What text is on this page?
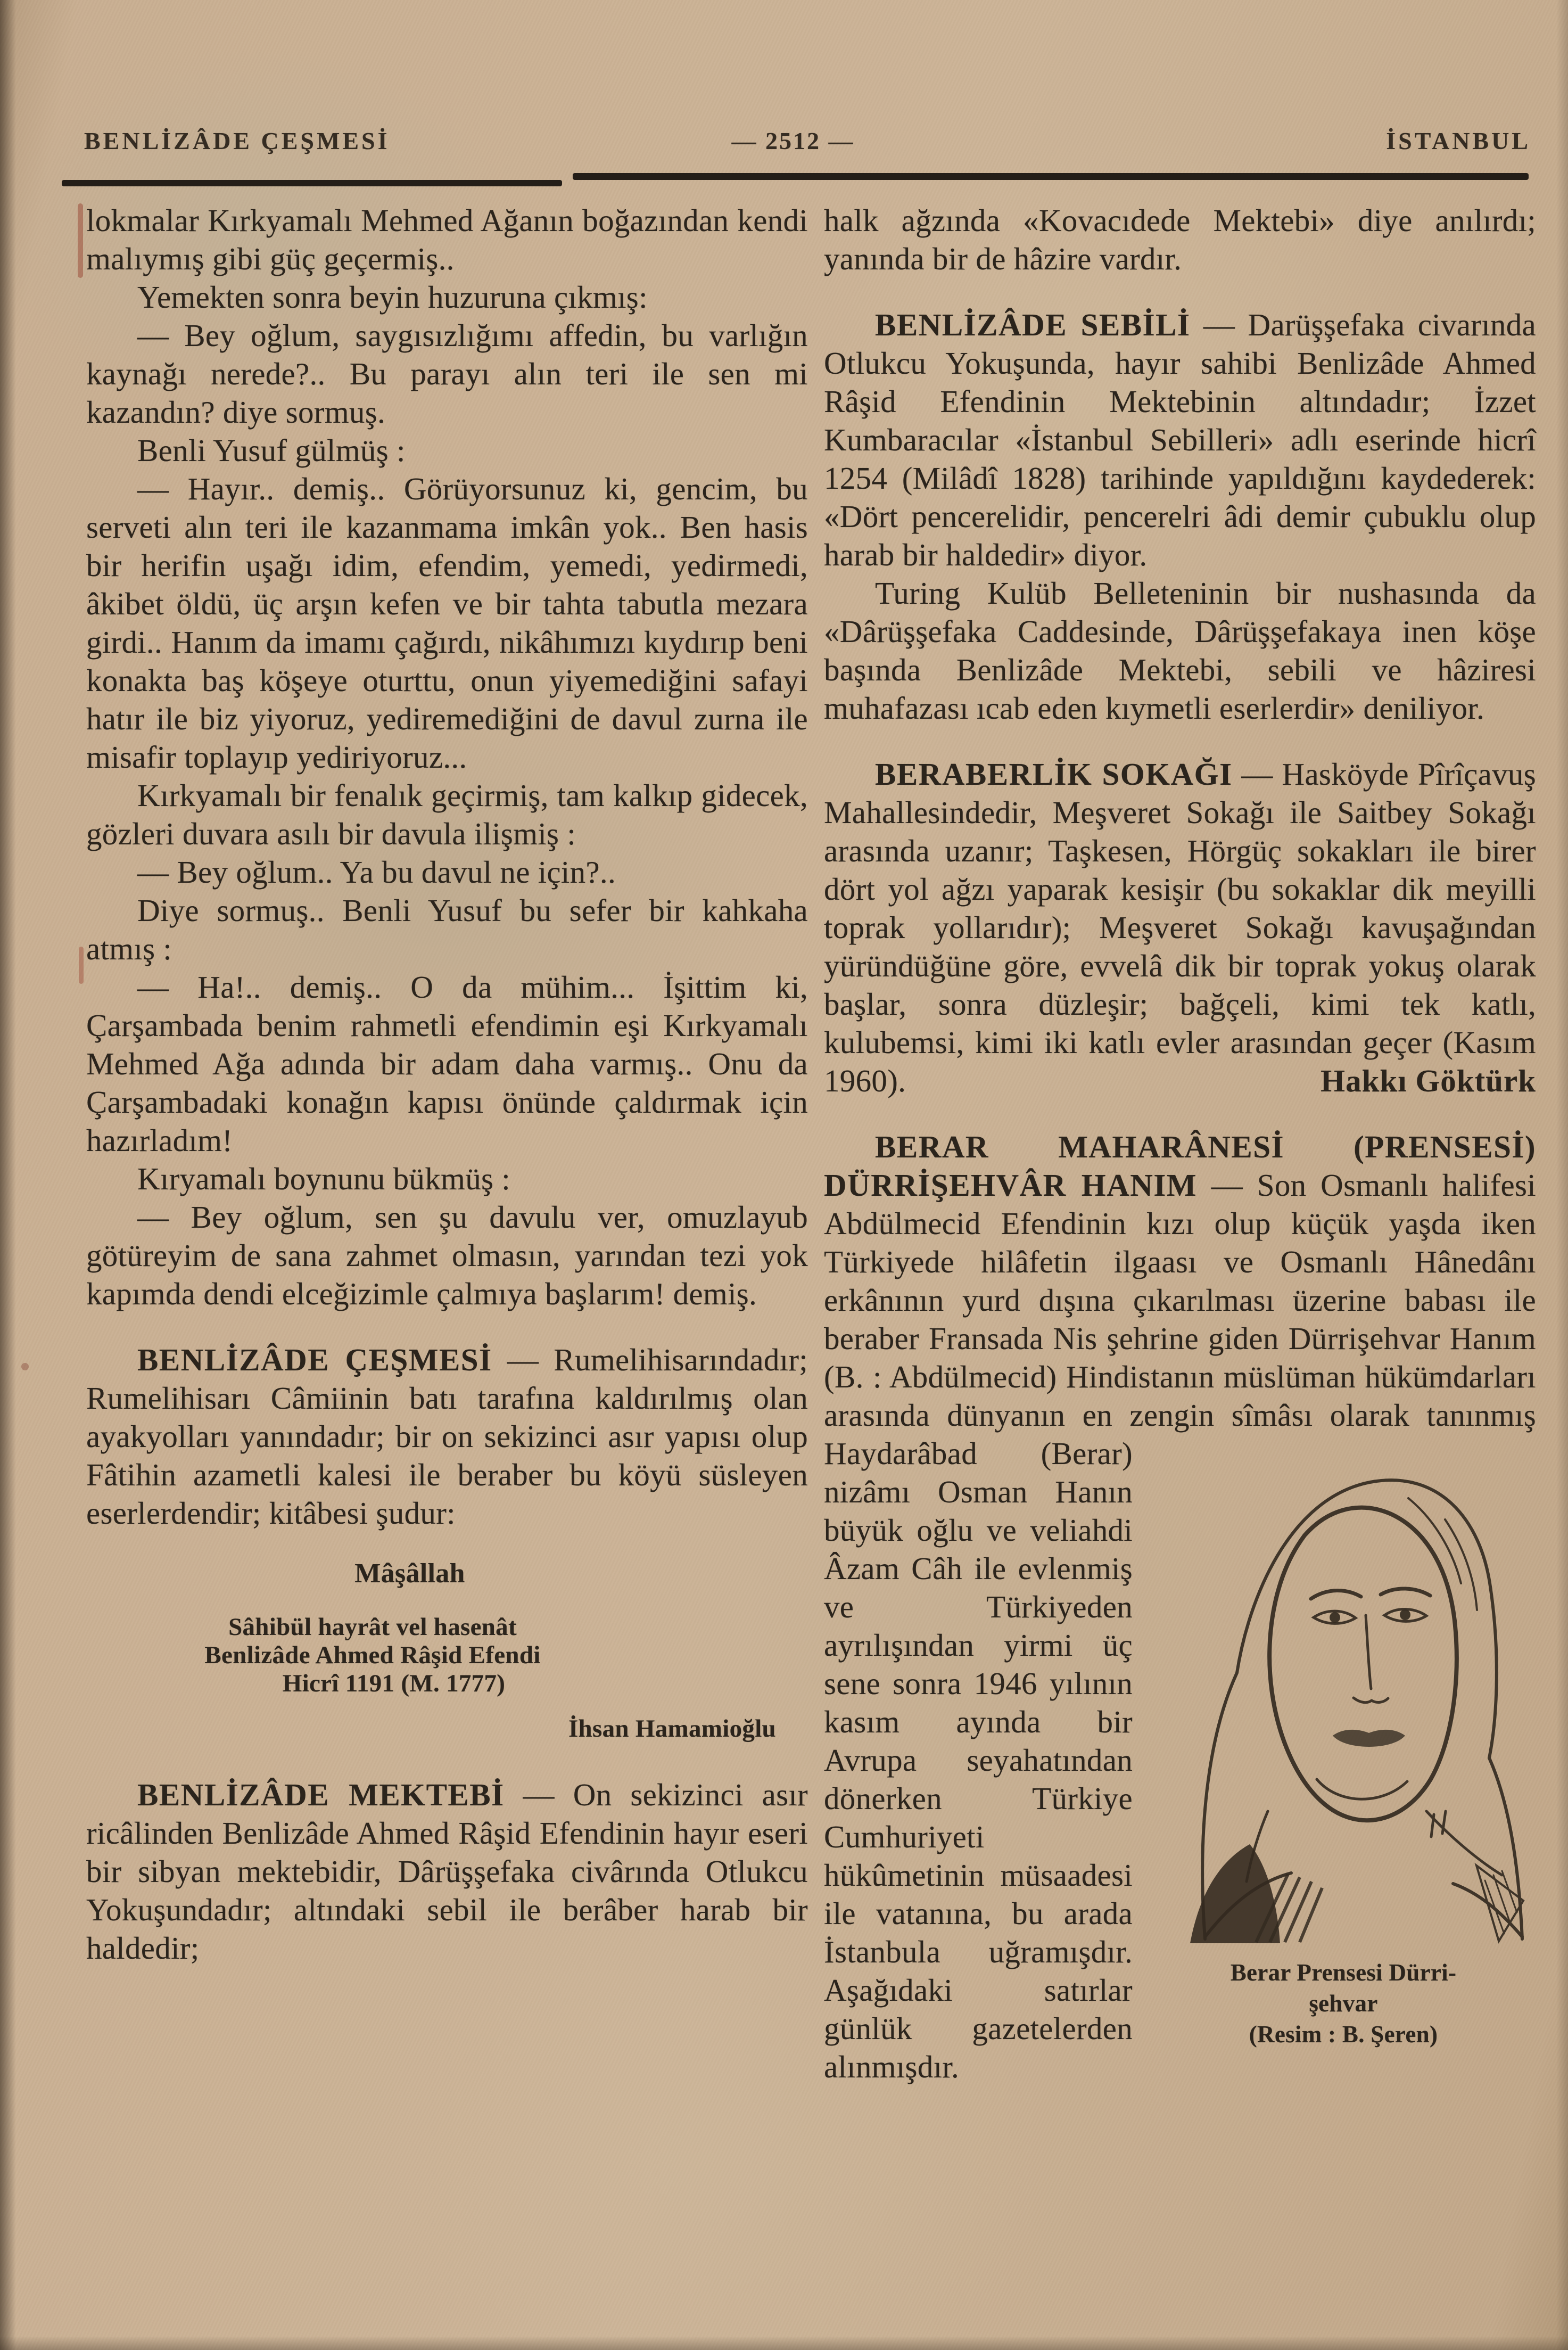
BENLİZÂDE ÇEŞMESİ	— 2512 —	İSTANBUL

lokmalar Kırkyamalı Mehmed Ağanın boğazından kendi malıymış gibi güç geçermiş..

Yemekten sonra beyin huzuruna çıkmış:

— Bey oğlum, saygısızlığımı affedin, bu varlığın kaynağı nerede?.. Bu parayı alın teri ile sen mi kazandın? diye sormuş.

Benli Yusuf gülmüş :

— Hayır.. demiş.. Görüyorsunuz ki, gencim, bu serveti alın teri ile kazanmama imkân yok.. Ben hasis bir herifin uşağı idim, efendim, yemedi, yedirmedi, âkibet öldü, üç arşın kefen ve bir tahta tabutla mezara girdi.. Hanım da imamı çağırdı, nikâhımızı kıydırıp beni konakta baş köşeye oturttu, onun yiyemediğini safayi hatır ile biz yiyoruz, yediremediğini de davul zurna ile misafir toplayıp yediriyoruz...

Kırkyamalı bir fenalık geçirmiş, tam kalkıp gidecek, gözleri duvara asılı bir davula ilişmiş :

— Bey oğlum.. Ya bu davul ne için?..

Diye sormuş.. Benli Yusuf bu sefer bir kahkaha atmış :

— Ha!.. demiş.. O da mühim... İşittim ki, Çarşambada benim rahmetli efendimin eşi Kırkyamalı Mehmed Ağa adında bir adam daha varmış.. Onu da Çarşambadaki konağın kapısı önünde çaldırmak için hazırladım!

Kıryamalı boynunu bükmüş :

— Bey oğlum, sen şu davulu ver, omuzlayub götüreyim de sana zahmet olmasın, yarından tezi yok kapımda dendi elceğizimle çalmıya başlarım! demiş.

BENLİZÂDE ÇEŞMESİ — Rumelihisarındadır; Rumelihisarı Câmiinin batı tarafına kaldırılmış olan ayakyolları yanındadır; bir on sekizinci asır yapısı olup Fâtihin azametli kalesi ile beraber bu köyü süsleyen eserlerdendir; kitâbesi şudur:

Mâşâllah
Sâhibül hayrât vel hasenât
Benlizâde Ahmed Râşid Efendi
Hicrî 1191 (M. 1777)
İhsan Hamamioğlu

BENLİZÂDE MEKTEBİ — On sekizinci asır ricâlinden Benlizâde Ahmed Râşid Efendinin hayır eseri bir sibyan mektebidir, Dârüşşefaka civârında Otlukcu Yokuşundadır; altındaki sebil ile berâber harab bir haldedir;

halk ağzında «Kovacıdede Mektebi» diye anılırdı; yanında bir de hâzire vardır.

BENLİZÂDE SEBİLİ — Darüşşefaka civarında Otlukcu Yokuşunda, hayır sahibi Benlizâde Ahmed Râşid Efendinin Mektebinin altındadır; İzzet Kumbaracılar «İstanbul Sebilleri» adlı eserinde hicrî 1254 (Milâdî 1828) tarihinde yapıldığını kaydederek: «Dört pencerelidir, pencerelri âdi demir çubuklu olup harab bir haldedir» diyor.

Turing Kulüb Belleteninin bir nushasında da «Dârüşşefaka Caddesinde, Dârüşşefakaya inen köşe başında Benlizâde Mektebi, sebili ve hâziresi muhafazası ıcab eden kıymetli eserlerdir» deniliyor.

BERABERLİK SOKAĞI — Hasköyde Pîrîçavuş Mahallesindedir, Meşveret Sokağı ile Saitbey Sokağı arasında uzanır; Taşkesen, Hörgüç sokakları ile birer dört yol ağzı yaparak kesişir (bu sokaklar dik meyilli toprak yollarıdır); Meşveret Sokağı kavuşağından yüründüğüne göre, evvelâ dik bir toprak yokuş olarak başlar, sonra düzleşir; bağçeli, kimi tek katlı, kulubemsi, kimi iki katlı evler arasından geçer (Kasım 1960).	Hakkı Göktürk

BERAR MAHARÂNESİ (PRENSESİ) DÜRRİŞEHVÂR HANIM — Son Osmanlı halifesi Abdülmecid Efendinin kızı olup küçük yaşda iken Türkiyede hilâfetin ilgaası ve Osmanlı Hânedânı erkânının yurd dışına çıkarılması üzerine babası ile beraber Fransada Nis şehrine giden Dürrişehvar Hanım (B. : Abdülmecid) Hindistanın müslüman hükümdarları arasında dünyanın en zengin sîmâsı olarak tanınmış
Berar Prensesi Dürri-
şehvar
(Resim : B. Şeren)
Haydarâbad (Berar) nizâmı Osman Hanın büyük oğlu ve veliahdi Âzam Câh ile evlenmiş ve Türkiyeden ayrılışından yirmi üç sene sonra 1946 yılının kasım ayında bir Avrupa seyahatından dönerken Türkiye Cumhuriyeti hükûmetinin müsaadesi ile vatanına, bu arada İstanbula uğramışdır. Aşağıdaki satırlar günlük gazetelerden alınmışdır.
